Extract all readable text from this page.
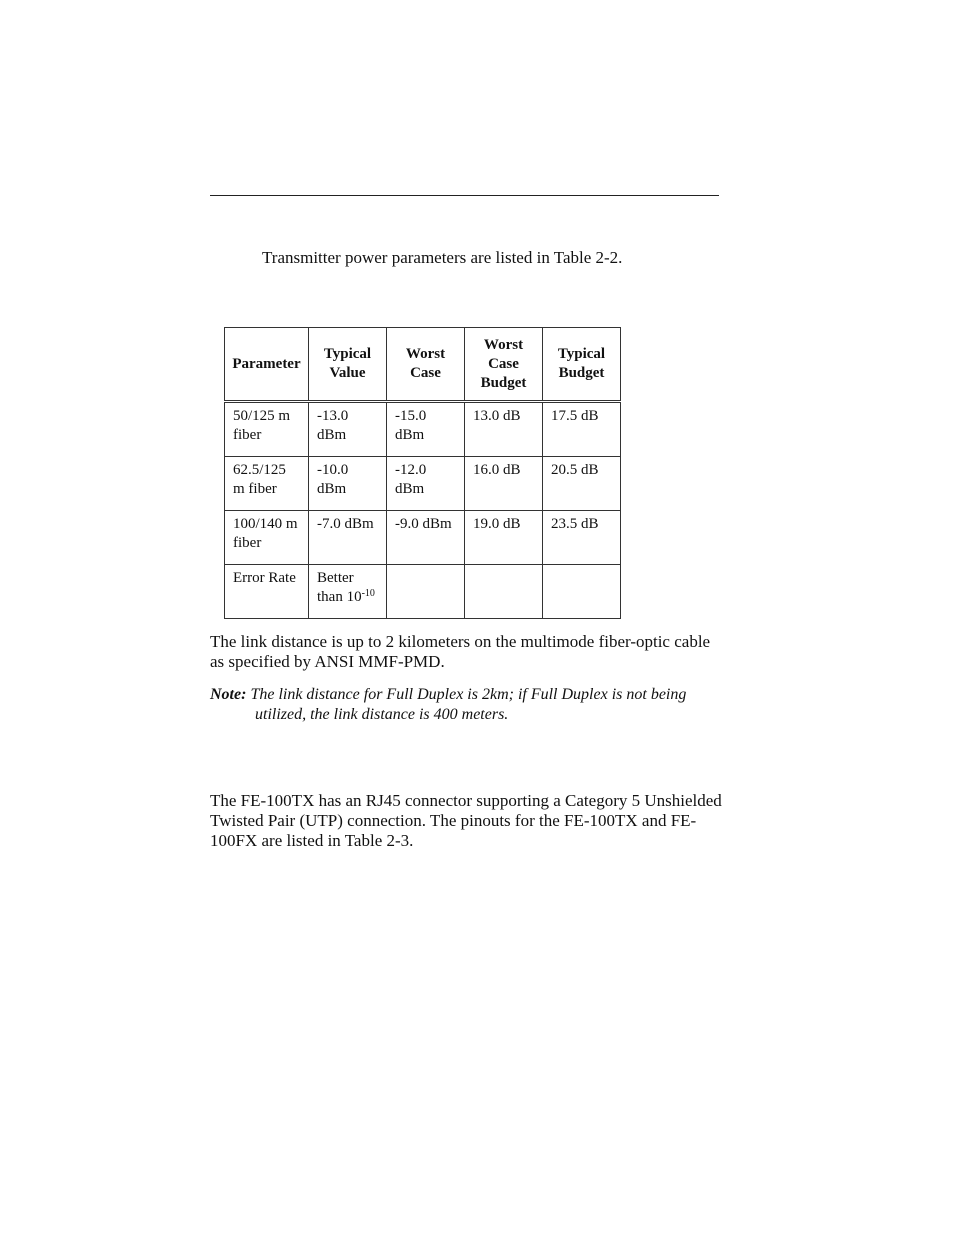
Transmitter power parameters are listed in Table 2-2.

Parameter	Typical Value	Worst Case	Worst Case Budget	Typical Budget
50/125 m fiber	-13.0 dBm	-15.0 dBm	13.0 dB	17.5 dB
62.5/125 m fiber	-10.0 dBm	-12.0 dBm	16.0 dB	20.5 dB
100/140 m fiber	-7.0 dBm	-9.0 dBm	19.0 dB	23.5 dB
Error Rate	Better than $10^{-10}$			

The link distance is up to 2 kilometers on the multimode fiber-optic cable as specified by ANSI MMF-PMD.

Note: The link distance for Full Duplex is 2km; if Full Duplex is not being
utilized, the link distance is 400 meters.

The FE-100TX has an RJ45 connector supporting a Category 5 Unshielded Twisted Pair (UTP) connection. The pinouts for the FE-100TX and FE-100FX are listed in Table 2-3.
